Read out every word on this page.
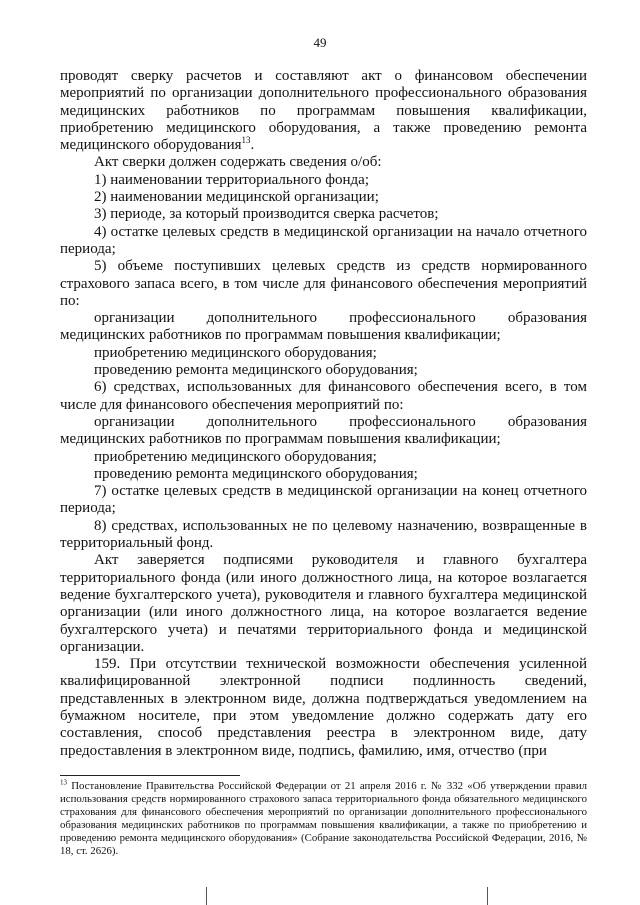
49

проводят сверку расчетов и составляют акт о финансовом обеспечении мероприятий по организации дополнительного профессионального образования медицинских работников по программам повышения квалификации, приобретению медицинского оборудования, а также проведению ремонта медицинского оборудования$^{13}$.

Акт сверки должен содержать сведения о/об:

1) наименовании территориального фонда;

2) наименовании медицинской организации;

3) периоде, за который производится сверка расчетов;

4) остатке целевых средств в медицинской организации на начало отчетного периода;

5) объеме поступивших целевых средств из средств нормированного страхового запаса всего, в том числе для финансового обеспечения мероприятий по:

организации дополнительного профессионального образования медицинских работников по программам повышения квалификации;

приобретению медицинского оборудования;

проведению ремонта медицинского оборудования;

6) средствах, использованных для финансового обеспечения всего, в том числе для финансового обеспечения мероприятий по:

организации дополнительного профессионального образования медицинских работников по программам повышения квалификации;

приобретению медицинского оборудования;

проведению ремонта медицинского оборудования;

7) остатке целевых средств в медицинской организации на конец отчетного периода;

8) средствах, использованных не по целевому назначению, возвращенные в территориальный фонд.

Акт заверяется подписями руководителя и главного бухгалтера территориального фонда (или иного должностного лица, на которое возлагается ведение бухгалтерского учета), руководителя и главного бухгалтера медицинской организации (или иного должностного лица, на которое возлагается ведение бухгалтерского учета) и печатями территориального фонда и медицинской организации.

159. При отсутствии технической возможности обеспечения усиленной квалифицированной электронной подписи подлинность сведений, представленных в электронном виде, должна подтверждаться уведомлением на бумажном носителе, при этом уведомление должно содержать дату его составления, способ представления реестра в электронном виде, дату предоставления в электронном виде, подпись, фамилию, имя, отчество (при

$^{13}$ Постановление Правительства Российской Федерации от 21 апреля 2016 г. № 332 «Об утверждении правил использования средств нормированного страхового запаса территориального фонда обязательного медицинского страхования для финансового обеспечения мероприятий по организации дополнительного профессионального образования медицинских работников по программам повышения квалификации, а также по приобретению и проведению ремонта медицинского оборудования» (Собрание законодательства Российской Федерации, 2016, № 18, ст. 2626).
